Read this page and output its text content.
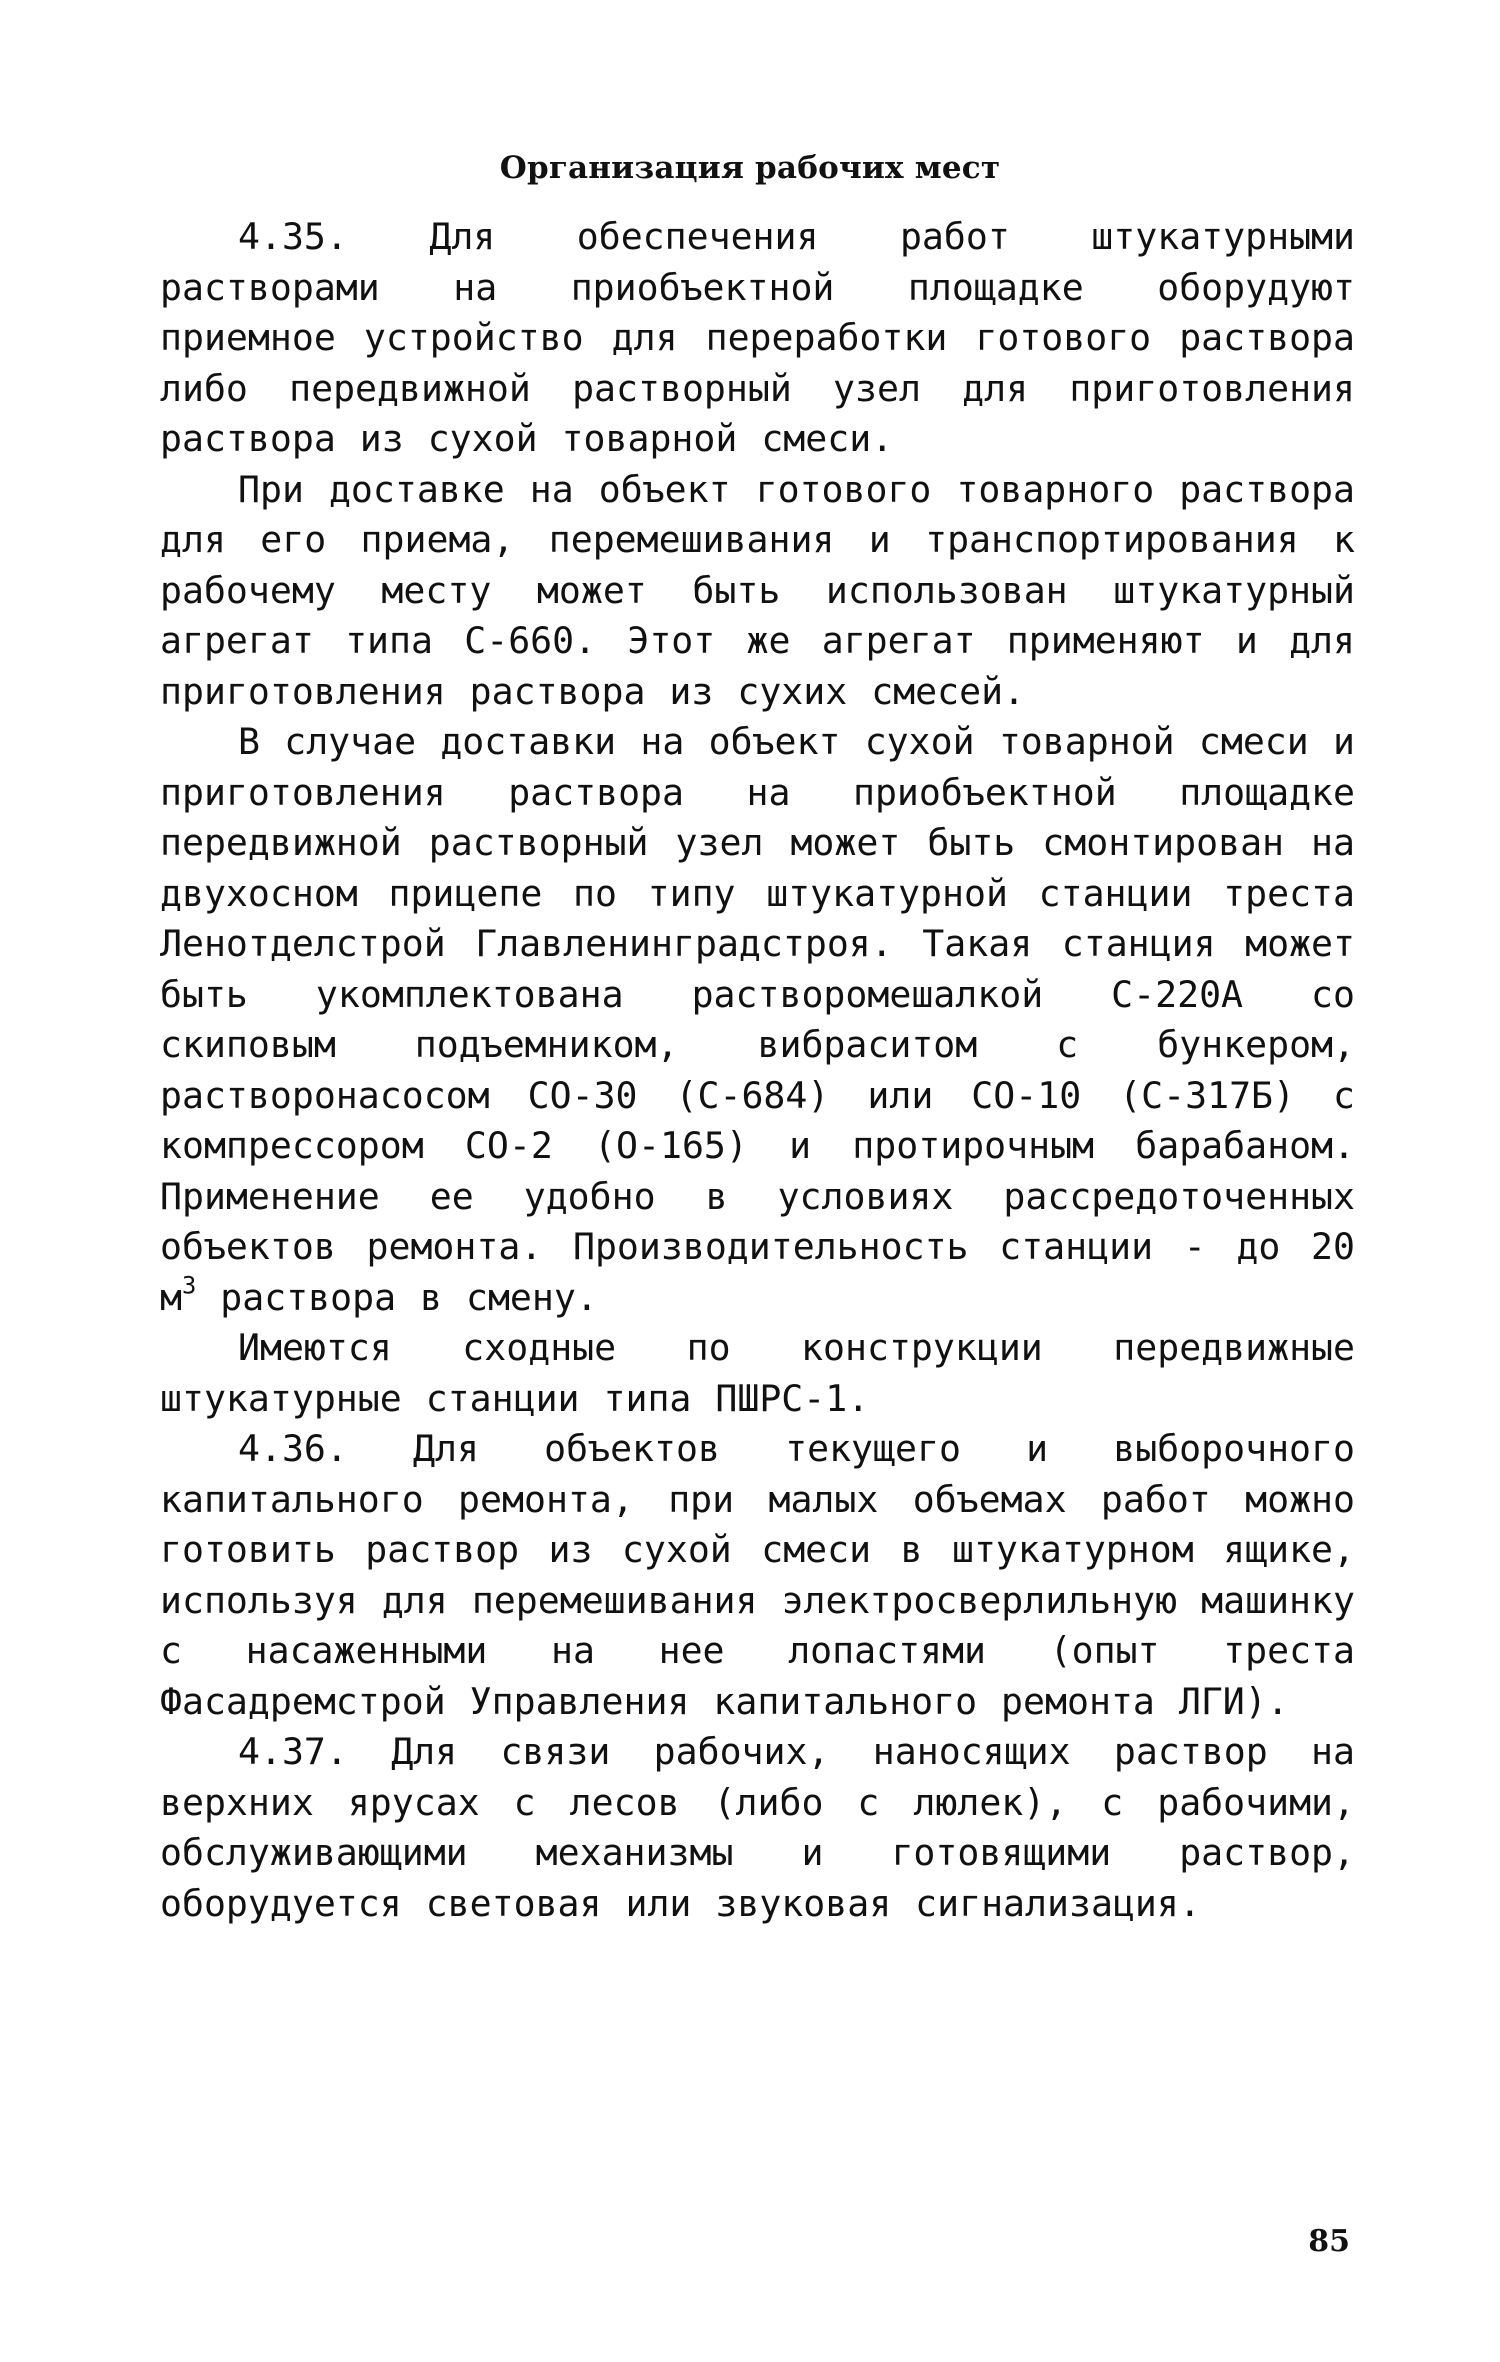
Организация рабочих мест

4.35. Для обеспечения работ штукатурными растворами на приобъектной площадке оборудуют приемное устройство для переработки готового раствора либо передвижной растворный узел для приготовления раствора из сухой товарной смеси.

При доставке на объект готового товарного раствора для его приема, перемешивания и транспортирования к рабочему месту может быть использован штукатурный агрегат типа С-660. Этот же агрегат применяют и для приготовления раствора из сухих смесей.

В случае доставки на объект сухой товарной смеси и приготовления раствора на приобъектной площадке передвижной растворный узел может быть смонтирован на двухосном прицепе по типу штукатурной станции треста Ленотделстрой Главленинградстроя. Такая станция может быть укомплектована растворомешалкой С-220А со скиповым подъемником, вибраситом с бункером, растворонасосом СО-30 (С-684) или СО-10 (С-317Б) с компрессором СО-2 (О-165) и протирочным барабаном. Применение ее удобно в условиях рассредоточенных объектов ремонта. Производительность станции - до 20 $м^3$ раствора в смену.

Имеются сходные по конструкции передвижные штукатурные станции типа ПШРС-1.

4.36. Для объектов текущего и выборочного капитального ремонта, при малых объемах работ можно готовить раствор из сухой смеси в штукатурном ящике, используя для перемешивания электросверлильную машинку с насаженными на нее лопастями (опыт треста Фасадремстрой Управления капитального ремонта ЛГИ).

4.37. Для связи рабочих, наносящих раствор на верхних ярусах с лесов (либо с люлек), с рабочими, обслуживающими механизмы и готовящими раствор, оборудуется световая или звуковая сигнализация.

85
